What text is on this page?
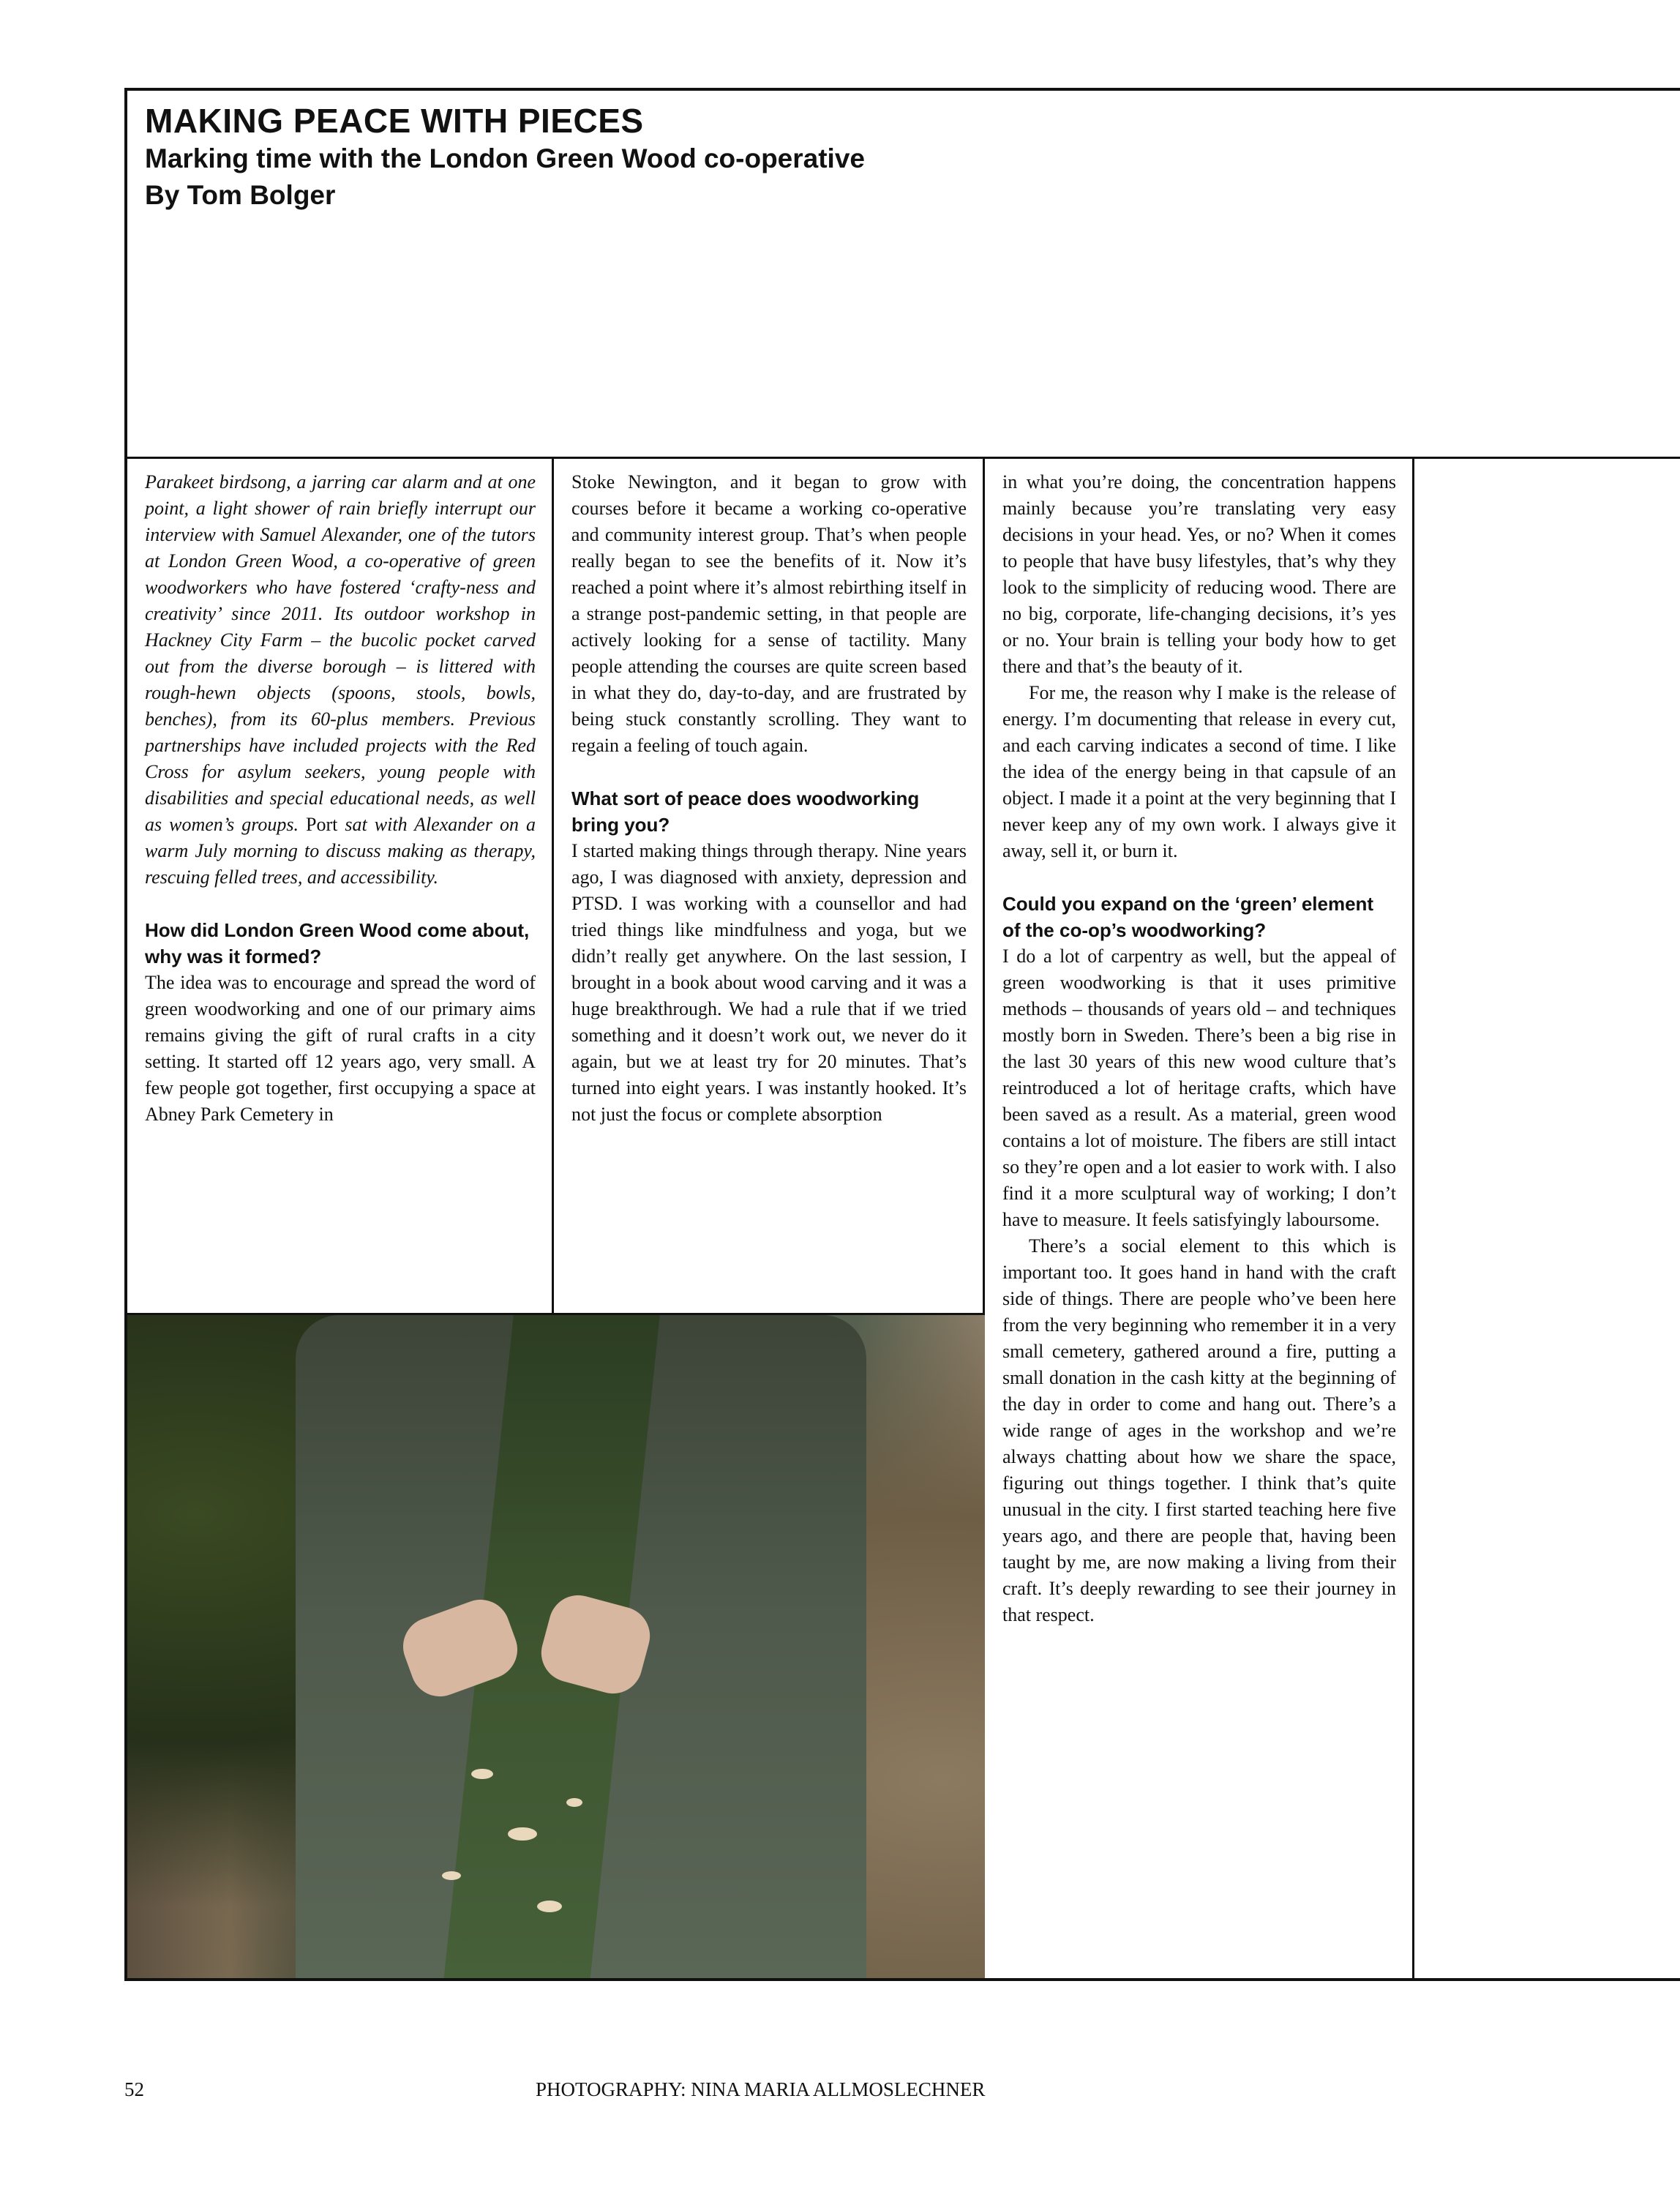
MAKING PEACE WITH PIECES
Marking time with the London Green Wood co-operative
By Tom Bolger

Parakeet birdsong, a jarring car alarm and at one point, a light shower of rain briefly interrupt our interview with Samuel Alexander, one of the tutors at London Green Wood, a co-operative of green woodworkers who have fostered ‘crafty-ness and creativity’ since 2011. Its outdoor workshop in Hackney City Farm – the bucolic pocket carved out from the diverse borough – is littered with rough-hewn objects (spoons, stools, bowls, benches), from its 60-plus members. Previous partnerships have included projects with the Red Cross for asylum seekers, young people with disabilities and special educational needs, as well as women’s groups. Port sat with Alexander on a warm July morning to discuss making as therapy, rescuing felled trees, and accessibility.

How did London Green Wood come about, why was it formed?

The idea was to encourage and spread the word of green woodworking and one of our primary aims remains giving the gift of rural crafts in a city setting. It started off 12 years ago, very small. A few people got together, first occupying a space at Abney Park Cemetery in

Stoke Newington, and it began to grow with courses before it became a working co-operative and community interest group. That’s when people really began to see the benefits of it. Now it’s reached a point where it’s almost rebirthing itself in a strange post-pandemic setting, in that people are actively looking for a sense of tactility. Many people attending the courses are quite screen based in what they do, day-to-day, and are frustrated by being stuck constantly scrolling. They want to regain a feeling of touch again.

What sort of peace does woodworking bring you?

I started making things through therapy. Nine years ago, I was diagnosed with anxiety, depression and PTSD. I was working with a counsellor and had tried things like mindfulness and yoga, but we didn’t really get anywhere. On the last session, I brought in a book about wood carving and it was a huge breakthrough. We had a rule that if we tried something and it doesn’t work out, we never do it again, but we at least try for 20 minutes. That’s turned into eight years. I was instantly hooked. It’s not just the focus or complete absorption

in what you’re doing, the concentration happens mainly because you’re translating very easy decisions in your head. Yes, or no? When it comes to people that have busy lifestyles, that’s why they look to the simplicity of reducing wood. There are no big, corporate, life-changing decisions, it’s yes or no. Your brain is telling your body how to get there and that’s the beauty of it.

For me, the reason why I make is the release of energy. I’m documenting that release in every cut, and each carving indicates a second of time. I like the idea of the energy being in that capsule of an object. I made it a point at the very beginning that I never keep any of my own work. I always give it away, sell it, or burn it.

Could you expand on the ‘green’ element of the co-op’s woodworking?

I do a lot of carpentry as well, but the appeal of green woodworking is that it uses primitive methods – thousands of years old – and techniques mostly born in Sweden. There’s been a big rise in the last 30 years of this new wood culture that’s reintroduced a lot of heritage crafts, which have been saved as a result. As a material, green wood contains a lot of moisture. The fibers are still intact so they’re open and a lot easier to work with. I also find it a more sculptural way of working; I don’t have to measure. It feels satisfyingly laboursome.

There’s a social element to this which is important too. It goes hand in hand with the craft side of things. There are people who’ve been here from the very beginning who remember it in a very small cemetery, gathered around a fire, putting a small donation in the cash kitty at the beginning of the day in order to come and hang out. There’s a wide range of ages in the workshop and we’re always chatting about how we share the space, figuring out things together. I think that’s quite unusual in the city. I first started teaching here five years ago, and there are people that, having been taught by me, are now making a living from their craft. It’s deeply rewarding to see their journey in that respect.

52	PHOTOGRAPHY: NINA MARIA ALLMOSLECHNER
